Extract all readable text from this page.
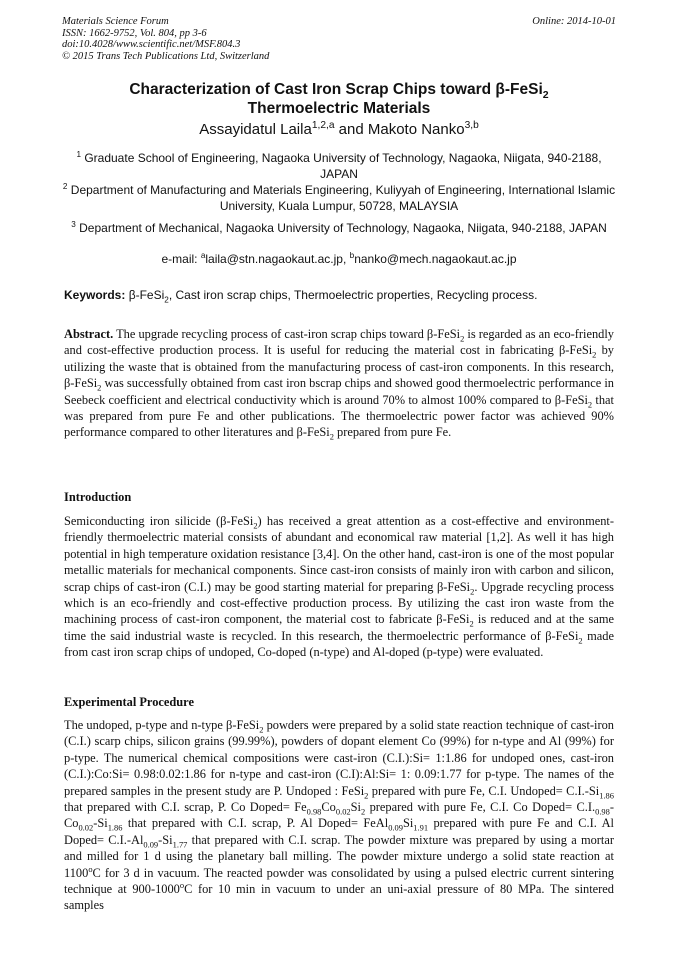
Materials Science Forum
ISSN: 1662-9752, Vol. 804, pp 3-6
doi:10.4028/www.scientific.net/MSF.804.3
© 2015 Trans Tech Publications Ltd, Switzerland
Online: 2014-10-01
Characterization of Cast Iron Scrap Chips toward β-FeSi$_2$
Thermoelectric Materials
Assayidatul Laila$^{1,2,a}$ and Makoto Nanko$^{3,b}$
$^1$ Graduate School of Engineering, Nagaoka University of Technology, Nagaoka, Niigata, 940-2188, JAPAN
$^2$ Department of Manufacturing and Materials Engineering, Kuliyyah of Engineering, International Islamic University, Kuala Lumpur, 50728, MALAYSIA
$^3$ Department of Mechanical, Nagaoka University of Technology, Nagaoka, Niigata, 940-2188, JAPAN
e-mail: $^a$laila@stn.nagaokaut.ac.jp, $^b$nanko@mech.nagaokaut.ac.jp
Keywords: β-FeSi$_2$, Cast iron scrap chips, Thermoelectric properties, Recycling process.

Abstract. The upgrade recycling process of cast-iron scrap chips toward β-FeSi$_2$ is regarded as an eco-friendly and cost-effective production process. It is useful for reducing the material cost in fabricating β-FeSi$_2$ by utilizing the waste that is obtained from the manufacturing process of cast-iron components. In this research, β-FeSi$_2$ was successfully obtained from cast iron bscrap chips and showed good thermoelectric performance in Seebeck coefficient and electrical conductivity which is around 70% to almost 100% compared to β-FeSi$_2$ that was prepared from pure Fe and other publications. The thermoelectric power factor was achieved 90% performance compared to other literatures and β-FeSi$_2$ prepared from pure Fe.

Introduction

Semiconducting iron silicide (β-FeSi$_2$) has received a great attention as a cost-effective and environment-friendly thermoelectric material consists of abundant and economical raw material [1,2]. As well it has high potential in high temperature oxidation resistance [3,4]. On the other hand, cast-iron is one of the most popular metallic materials for mechanical components. Since cast-iron consists of mainly iron with carbon and silicon, scrap chips of cast-iron (C.I.) may be good starting material for preparing β-FeSi$_2$. Upgrade recycling process which is an eco-friendly and cost-effective production process. By utilizing the cast iron waste from the machining process of cast-iron component, the material cost to fabricate β-FeSi$_2$ is reduced and at the same time the said industrial waste is recycled. In this research, the thermoelectric performance of β-FeSi$_2$ made from cast iron scrap chips of undoped, Co-doped (n-type) and Al-doped (p-type) were evaluated.

Experimental Procedure

The undoped, p-type and n-type β-FeSi$_2$ powders were prepared by a solid state reaction technique of cast-iron (C.I.) scarp chips, silicon grains (99.99%), powders of dopant element Co (99%) for n-type and Al (99%) for p-type. The numerical chemical compositions were cast-iron (C.I.):Si= 1:1.86 for undoped ones, cast-iron (C.I.):Co:Si= 0.98:0.02:1.86 for n-type and cast-iron (C.I):Al:Si= 1: 0.09:1.77 for p-type. The names of the prepared samples in the present study are P. Undoped : FeSi$_2$ prepared with pure Fe, C.I. Undoped= $C.I.-Si_{1.86}$ that prepared with C.I. scrap, P. Co Doped= $Fe_{0.98}Co_{0.02}Si_2$ prepared with pure Fe, C.I. Co Doped= $C.I._{0.98}-Co_{0.02}-Si_{1.86}$ that prepared with C.I. scrap, P. Al Doped= $FeAl_{0.09}Si_{1.91}$ prepared with pure Fe and C.I. Al Doped= $C.I.-Al_{0.09}-Si_{1.77}$ that prepared with C.I. scrap. The powder mixture was prepared by using a mortar and milled for 1 d using the planetary ball milling. The powder mixture undergo a solid state reaction at 1100$^o$C for 3 d in vacuum. The reacted powder was consolidated by using a pulsed electric current sintering technique at 900-1000$^o$C for 10 min in vacuum to under an uni-axial pressure of 80 MPa. The sintered samples
